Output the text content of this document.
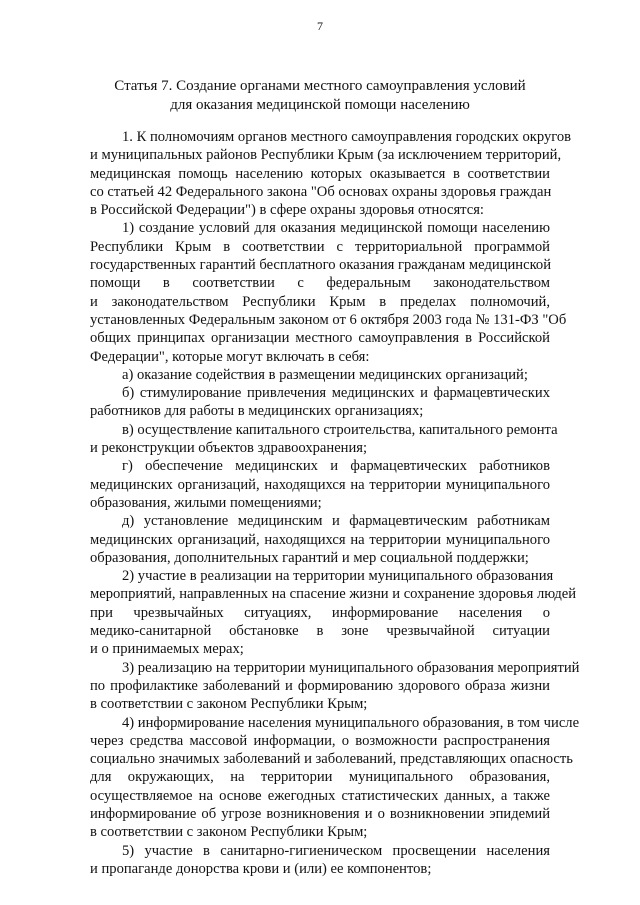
7
Статья 7. Создание органами местного самоуправления условий
для оказания медицинской помощи населению

1. К полномочиям органов местного самоуправления городских округов
и муниципальных районов Республики Крым (за исключением территорий,
медицинская помощь населению которых оказывается в соответствии
со статьей 42 Федерального закона "Об основах охраны здоровья граждан
в Российской Федерации") в сфере охраны здоровья относятся:

1) создание условий для оказания медицинской помощи населению
Республики Крым в соответствии с территориальной программой
государственных гарантий бесплатного оказания гражданам медицинской
помощи в соответствии с федеральным законодательством
и законодательством Республики Крым в пределах полномочий,
установленных Федеральным законом от 6 октября 2003 года № 131-ФЗ "Об
общих принципах организации местного самоуправления в Российской
Федерации", которые могут включать в себя:

а) оказание содействия в размещении медицинских организаций;

б) стимулирование привлечения медицинских и фармацевтических
работников для работы в медицинских организациях;

в) осуществление капитального строительства, капитального ремонта
и реконструкции объектов здравоохранения;

г) обеспечение медицинских и фармацевтических работников
медицинских организаций, находящихся на территории муниципального
образования, жилыми помещениями;

д) установление медицинским и фармацевтическим работникам
медицинских организаций, находящихся на территории муниципального
образования, дополнительных гарантий и мер социальной поддержки;

2) участие в реализации на территории муниципального образования
мероприятий, направленных на спасение жизни и сохранение здоровья людей
при чрезвычайных ситуациях, информирование населения о
медико-санитарной обстановке в зоне чрезвычайной ситуации
и о принимаемых мерах;

3) реализацию на территории муниципального образования мероприятий
по профилактике заболеваний и формированию здорового образа жизни
в соответствии с законом Республики Крым;

4) информирование населения муниципального образования, в том числе
через средства массовой информации, о возможности распространения
социально значимых заболеваний и заболеваний, представляющих опасность
для окружающих, на территории муниципального образования,
осуществляемое на основе ежегодных статистических данных, а также
информирование об угрозе возникновения и о возникновении эпидемий
в соответствии с законом Республики Крым;

5) участие в санитарно-гигиеническом просвещении населения
и пропаганде донорства крови и (или) ее компонентов;
